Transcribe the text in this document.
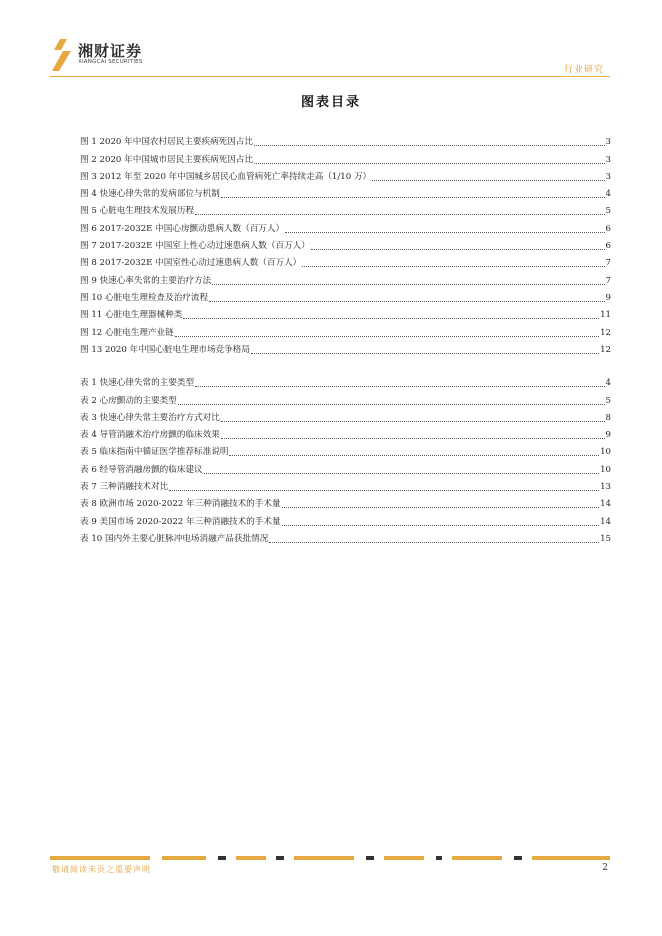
湘财证券
XIANGCAI SECURITIES
行业研究
图表目录
图 1 2020 年中国农村居民主要疾病死因占比	3
图 2 2020 年中国城市居民主要疾病死因占比	3
图 3 2012 年至 2020 年中国城乡居民心血管病死亡率持续走高（1/10 万）	3
图 4 快速心律失常的发病部位与机制	4
图 5 心脏电生理技术发展历程	5
图 6 2017-2032E 中国心房颤动患病人数（百万人）	6
图 7 2017-2032E 中国室上性心动过速患病人数（百万人）	6
图 8 2017-2032E 中国室性心动过速患病人数（百万人）	7
图 9 快速心率失常的主要治疗方法	7
图 10 心脏电生理检查及治疗流程	9
图 11 心脏电生理器械种类	11
图 12 心脏电生理产业链	12
图 13 2020 年中国心脏电生理市场竞争格局	12
表 1 快速心律失常的主要类型	4
表 2 心房颤动的主要类型	5
表 3 快速心律失常主要治疗方式对比	8
表 4 导管消融术治疗房颤的临床效果	9
表 5 临床指南中循证医学推荐标准说明	10
表 6 经导管消融房颤的临床建议	10
表 7 三种消融技术对比	13
表 8 欧洲市场 2020-2022 年三种消融技术的手术量	14
表 9 美国市场 2020-2022 年三种消融技术的手术量	14
表 10 国内外主要心脏脉冲电场消融产品获批情况	15
敬请阅读末页之重要声明	2
